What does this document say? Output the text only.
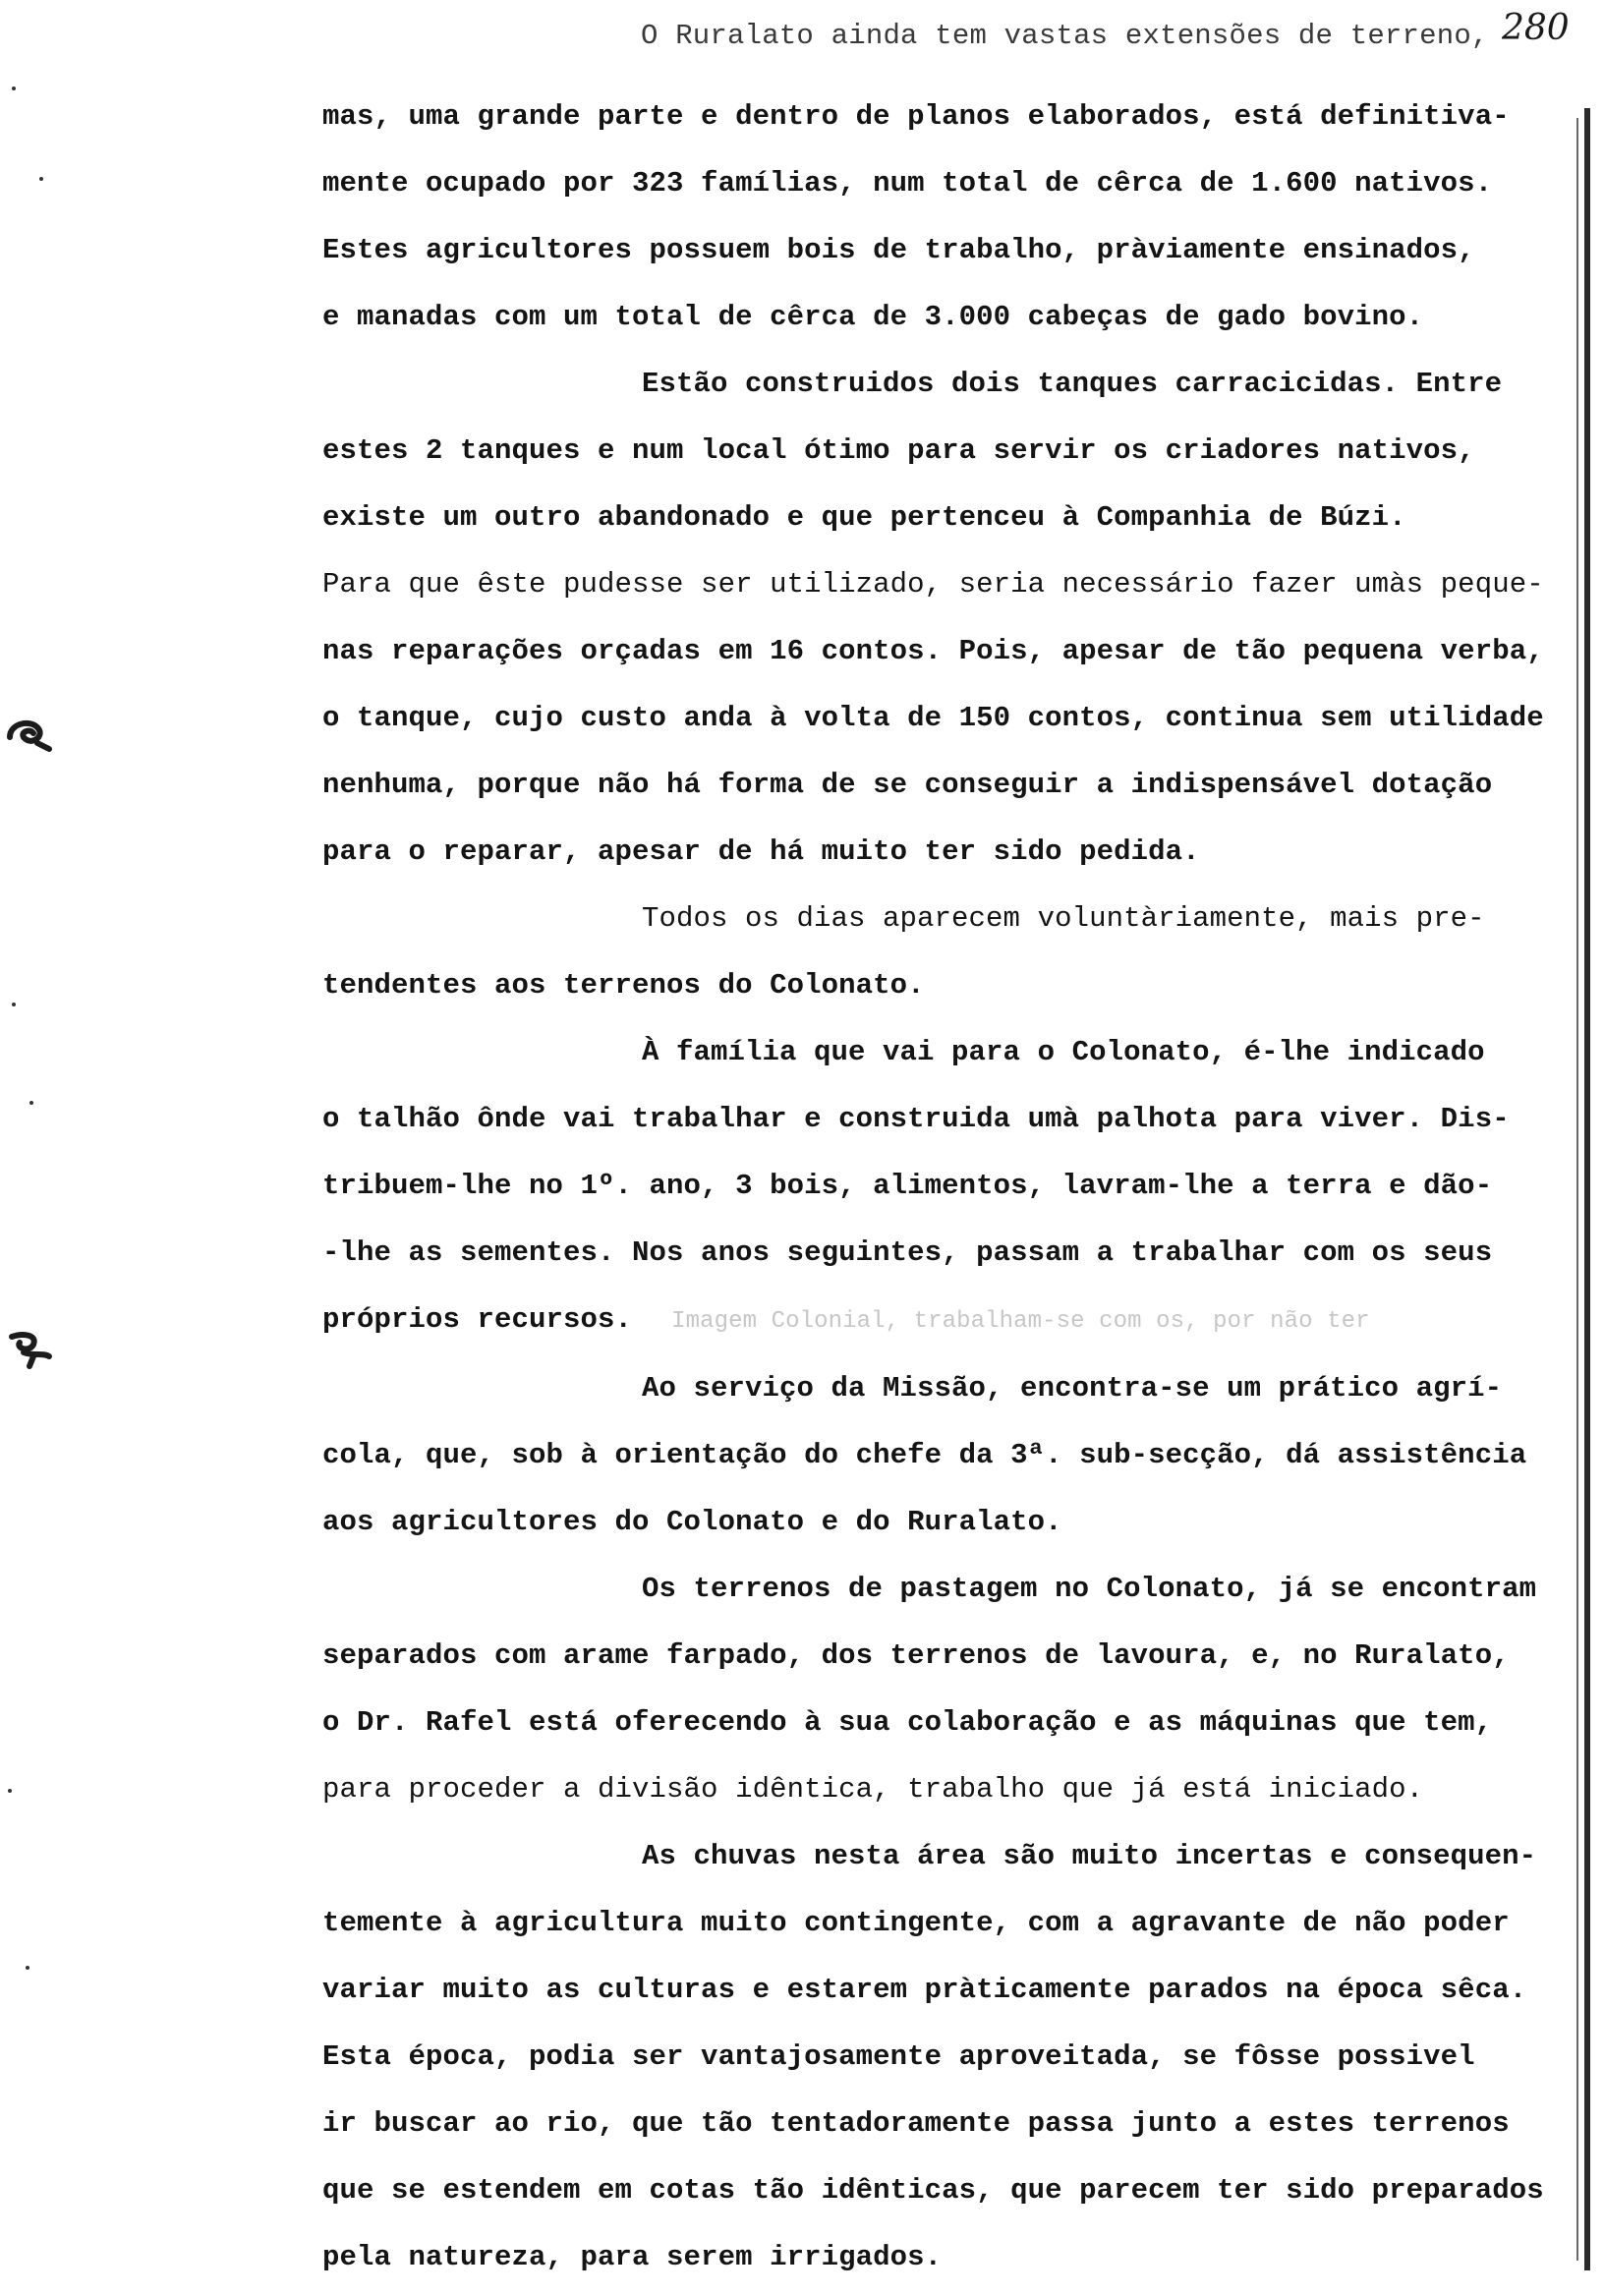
280
O Ruralato ainda tem vastas extensões de terreno,
mas, uma grande parte e dentro de planos elaborados, está definitiva-
mente ocupado por 323 famílias, num total de cêrca de 1.600 nativos.
Estes agricultores possuem bois de trabalho, pràviamente ensinados,
e manadas com um total de cêrca de 3.000 cabeças de gado bovino.
Estão construidos dois tanques carracicidas. Entre
estes 2 tanques e num local ótimo para servir os criadores nativos,
existe um outro abandonado e que pertenceu à Companhia de Búzi.
Para que êste pudesse ser utilizado, seria necessário fazer umàs peque-
nas reparações orçadas em 16 contos. Pois, apesar de tão pequena verba,
o tanque, cujo custo anda à volta de 150 contos, continua sem utilidade
nenhuma, porque não há forma de se conseguir a indispensável dotação
para o reparar, apesar de há muito ter sido pedida.
Todos os dias aparecem voluntàriamente, mais pre-
tendentes aos terrenos do Colonato.
À família que vai para o Colonato, é-lhe indicado
o talhão ônde vai trabalhar e construida umà palhota para viver. Dis-
tribuem-lhe no 1º. ano, 3 bois, alimentos, lavram-lhe a terra e dão-
-lhe as sementes. Nos anos seguintes, passam a trabalhar com os seus
próprios recursos. Imagem Colonial, trabalham-se com os, por não ter
Ao serviço da Missão, encontra-se um prático agrí-
cola, que, sob à orientação do chefe da 3ª. sub-secção, dá assistência
aos agricultores do Colonato e do Ruralato.
Os terrenos de pastagem no Colonato, já se encontram
separados com arame farpado, dos terrenos de lavoura, e, no Ruralato,
o Dr. Rafel está oferecendo à sua colaboração e as máquinas que tem,
para proceder a divisão idêntica, trabalho que já está iniciado.
As chuvas nesta área são muito incertas e consequen-
temente à agricultura muito contingente, com a agravante de não poder
variar muito as culturas e estarem pràticamente parados na época sêca.
Esta época, podia ser vantajosamente aproveitada, se fôsse possivel
ir buscar ao rio, que tão tentadoramente passa junto a estes terrenos
que se estendem em cotas tão idênticas, que parecem ter sido preparados
pela natureza, para serem irrigados.
